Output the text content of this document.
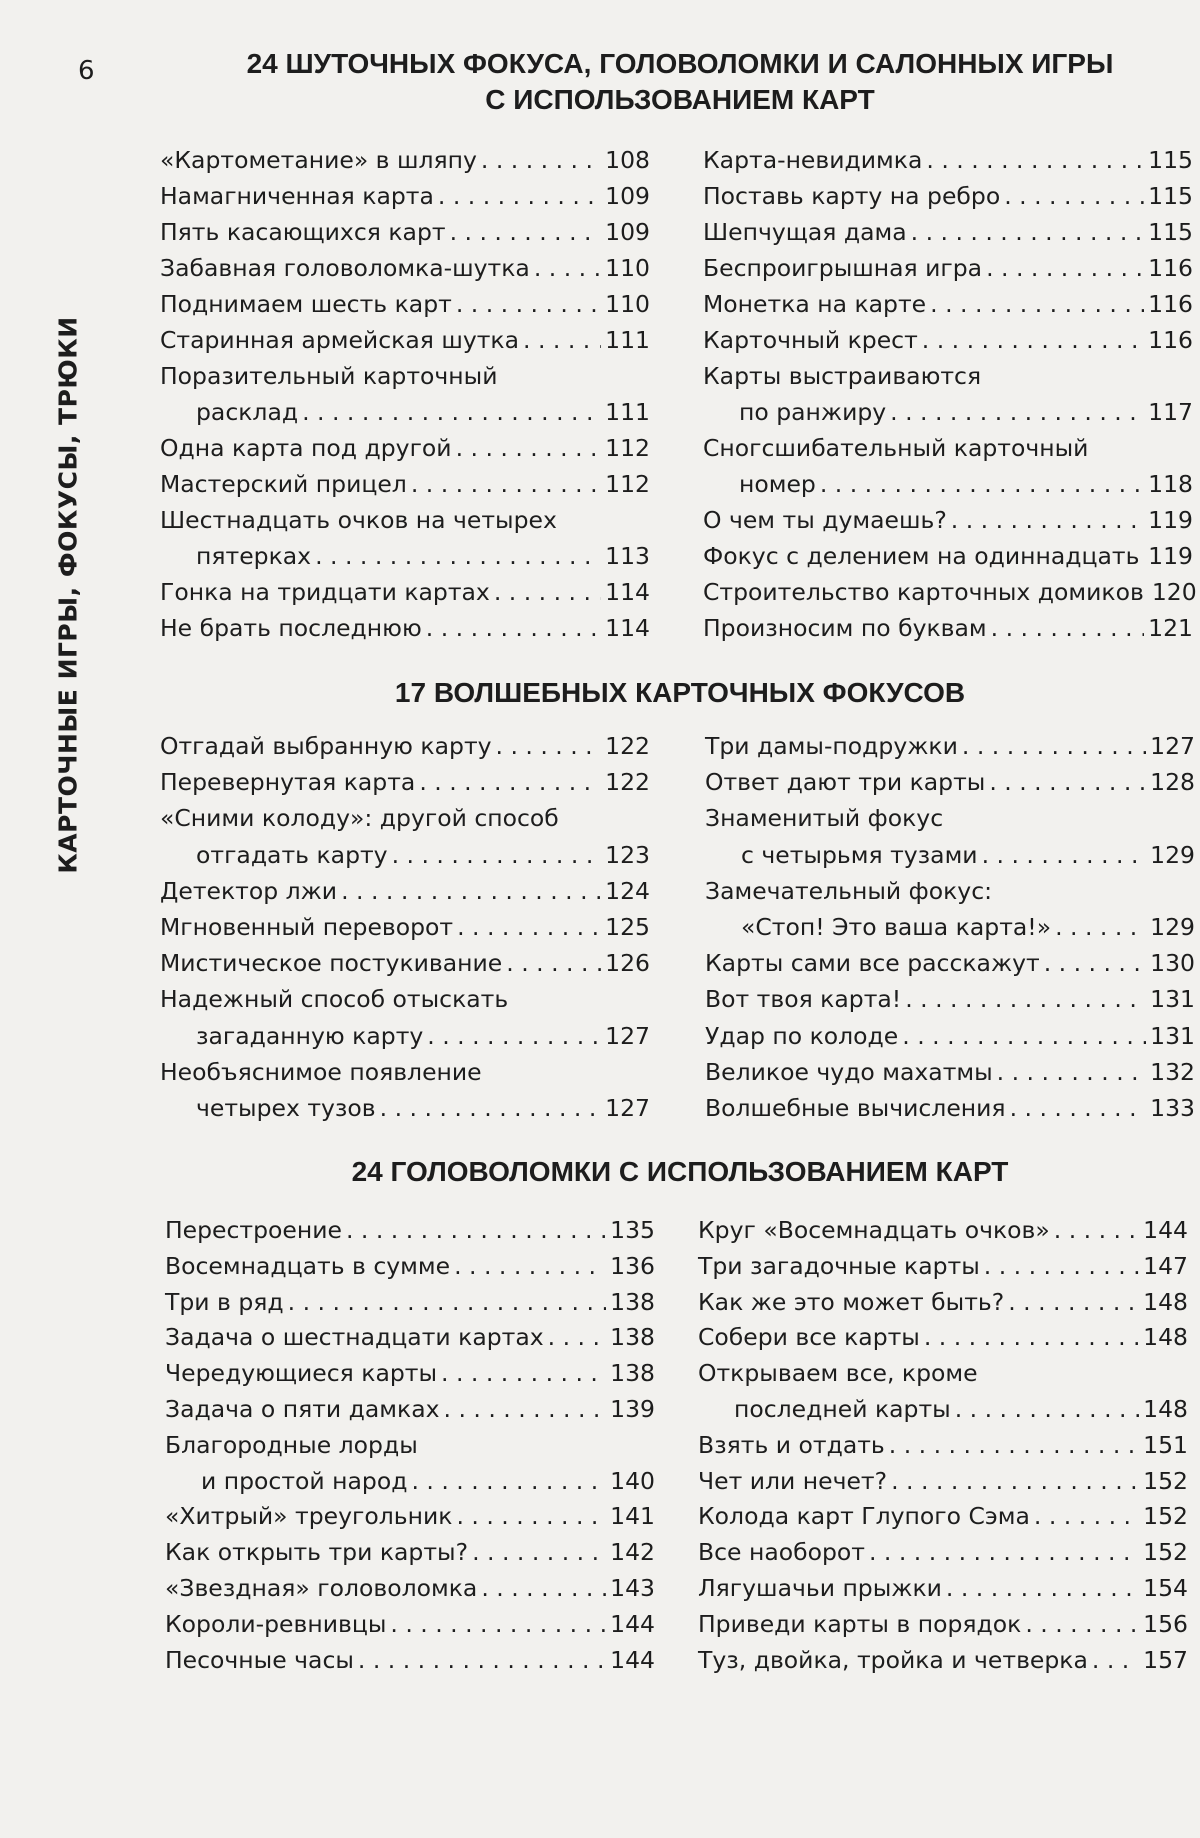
6
КАРТОЧНЫЕ ИГРЫ, ФОКУСЫ, ТРЮКИ
24 ШУТОЧНЫХ ФОКУСА, ГОЛОВОЛОМКИ И САЛОННЫХ ИГРЫ
С ИСПОЛЬЗОВАНИЕМ КАРТ
«Картометание» в шляпу . . .	108
Намагниченная карта . . .	109
Пять касающихся карт . . .	109
Забавная головоломка-шутка . . .	110
Поднимаем шесть карт . . .	110
Старинная армейская шутка . . .	111
Поразительный карточный
расклад . . .	111
Одна карта под другой . . .	112
Мастерский прицел . . .	112
Шестнадцать очков на четырех
пятерках . . .	113
Гонка на тридцати картах . . .	114
Не брать последнюю . . .	114
Карта-невидимка . . .	115
Поставь карту на ребро . . .	115
Шепчущая дама . . .	115
Беспроигрышная игра . . .	116
Монетка на карте . . .	116
Карточный крест . . .	116
Карты выстраиваются
по ранжиру . . .	117
Сногсшибательный карточный
номер . . .	118
О чем ты думаешь? . . .	119
Фокус с делением на одиннадцать . . . 119
Строительство карточных домиков 120
Произносим по буквам . . .	121
17 ВОЛШЕБНЫХ КАРТОЧНЫХ ФОКУСОВ
Отгадай выбранную карту . . .	122
Перевернутая карта . . .	122
«Сними колоду»: другой способ
отгадать карту . . .	123
Детектор лжи . . .	124
Мгновенный переворот . . .	125
Мистическое постукивание . . .	126
Надежный способ отыскать
загаданную карту . . .	127
Необъяснимое появление
четырех тузов . . .	127
Три дамы-подружки . . .	127
Ответ дают три карты . . .	128
Знаменитый фокус
с четырьмя тузами . . .	129
Замечательный фокус:
«Стоп! Это ваша карта!» . . .	129
Карты сами все расскажут . . .	130
Вот твоя карта! . . .	131
Удар по колоде . . .	131
Великое чудо махатмы . . .	132
Волшебные вычисления . . .	133
24 ГОЛОВОЛОМКИ С ИСПОЛЬЗОВАНИЕМ КАРТ
Перестроение . . .	135
Восемнадцать в сумме . . .	136
Три в ряд . . .	138
Задача о шестнадцати картах . . .	138
Чередующиеся карты . . .	138
Задача о пяти дамках . . .	139
Благородные лорды
и простой народ . . .	140
«Хитрый» треугольник . . .	141
Как открыть три карты? . . .	142
«Звездная» головоломка . . .	143
Короли-ревнивцы . . .	144
Песочные часы . . .	144
Круг «Восемнадцать очков» . . .	144
Три загадочные карты . . .	147
Как же это может быть? . . .	148
Собери все карты . . .	148
Открываем все, кроме
последней карты . . .	148
Взять и отдать . . .	151
Чет или нечет? . . .	152
Колода карт Глупого Сэма . . .	152
Все наоборот . . .	152
Лягушачьи прыжки . . .	154
Приведи карты в порядок . . .	156
Туз, двойка, тройка и четверка . . . 157
